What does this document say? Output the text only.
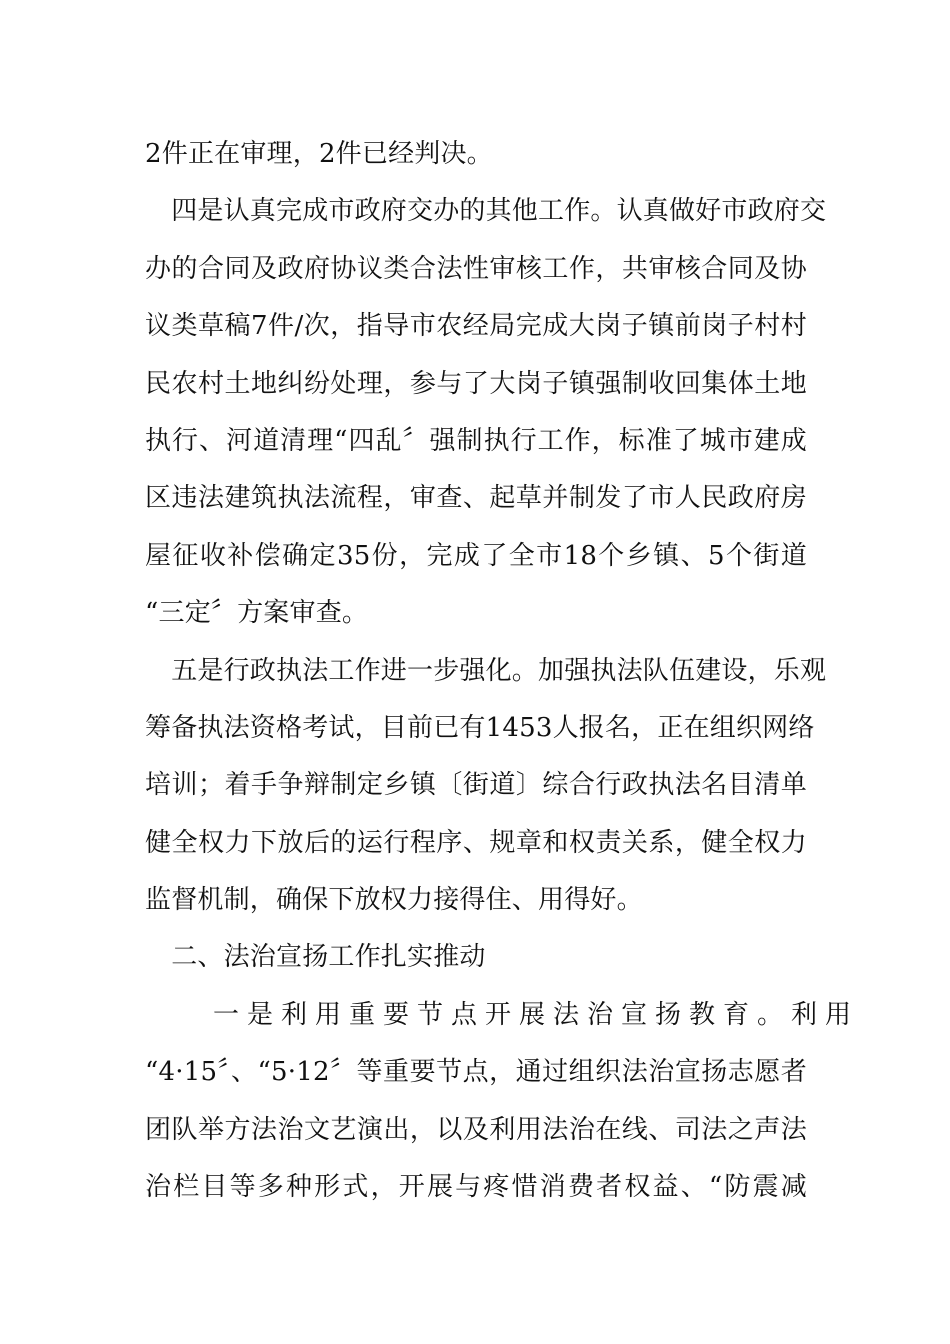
2件正在审理，2件已经判决。
　四是认真完成市政府交办的其他工作。认真做好市政府交
办的合同及政府协议类合法性审核工作，共审核合同及协
议类草稿7件/次，指导市农经局完成大岗子镇前岗子村村
民农村土地纠纷处理，参与了大岗子镇强制收回集体土地
执行、河道清理“四乱〞强制执行工作，标准了城市建成
区违法建筑执法流程，审查、起草并制发了市人民政府房
屋征收补偿确定35份，完成了全市18个乡镇、5个街道
“三定〞方案审查。
　五是行政执法工作进一步强化。加强执法队伍建设，乐观
筹备执法资格考试，目前已有1453人报名，正在组织网络
培训；着手争辩制定乡镇〔街道〕综合行政执法名目清单
健全权力下放后的运行程序、规章和权责关系，健全权力
监督机制，确保下放权力接得住、用得好。
　二、法治宣扬工作扎实推动
　　一是利用重要节点开展法治宣扬教育。利用
“4·15〞、“5·12〞等重要节点，通过组织法治宣扬志愿者
团队举方法治文艺演出，以及利用法治在线、司法之声法
治栏目等多种形式，开展与疼惜消费者权益、“防震减
